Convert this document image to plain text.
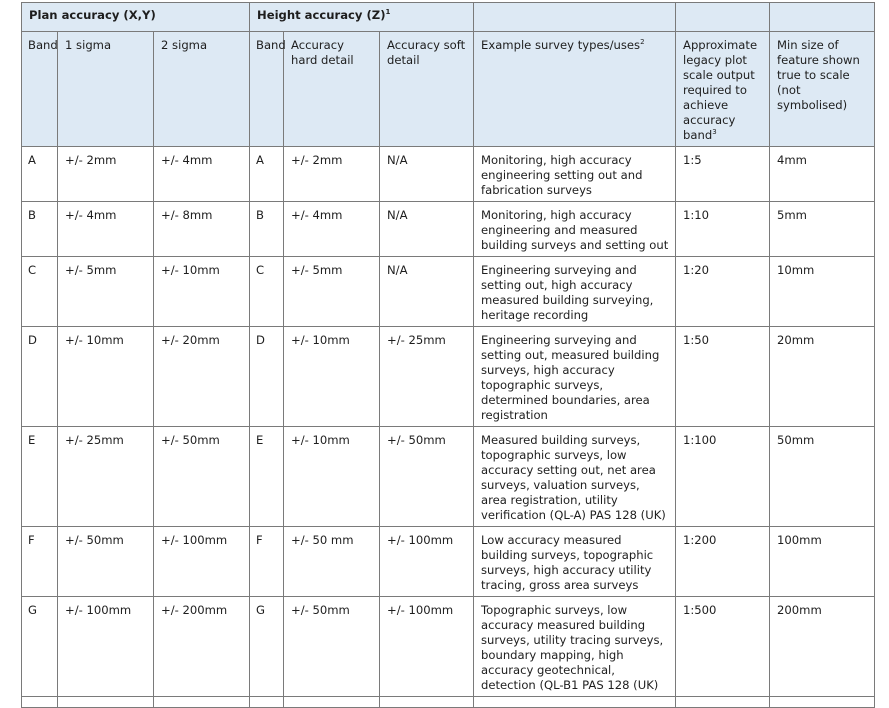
Plan accuracy (X,Y)			Height accuracy $(Z)^1$			
Band	1 sigma	2 sigma	Band	Accuracy hard detail	Accuracy soft detail	Example survey types/uses$^2$	Approximate legacy plot scale output required to achieve accuracy band$^3$	Min size of feature shown true to scale (not symbolised)
A	+/- 2mm	+/- 4mm	A	+/- 2mm	N/A	Monitoring, high accuracy engineering setting out and fabrication surveys	1:5	4mm
B	+/- 4mm	+/- 8mm	B	+/- 4mm	N/A	Monitoring, high accuracy engineering and measured building surveys and setting out	1:10	5mm
C	+/- 5mm	+/- 10mm	C	+/- 5mm	N/A	Engineering surveying and setting out, high accuracy measured building surveying, heritage recording	1:20	10mm
D	+/- 10mm	+/- 20mm	D	+/- 10mm	+/- 25mm	Engineering surveying and setting out, measured building surveys, high accuracy topographic surveys, determined boundaries, area registration	1:50	20mm
E	+/- 25mm	+/- 50mm	E	+/- 10mm	+/- 50mm	Measured building surveys, topographic surveys, low accuracy setting out, net area surveys, valuation surveys, area registration, utility verification (QL-A) PAS 128 (UK)	1:100	50mm
F	+/- 50mm	+/- 100mm	F	+/- 50 mm	+/- 100mm	Low accuracy measured building surveys, topographic surveys, high accuracy utility tracing, gross area surveys	1:200	100mm
G	+/- 100mm	+/- 200mm	G	+/- 50mm	+/- 100mm	Topographic surveys, low accuracy measured building surveys, utility tracing surveys, boundary mapping, high accuracy geotechnical, detection (QL-B1 PAS 128 (UK)	1:500	200mm
